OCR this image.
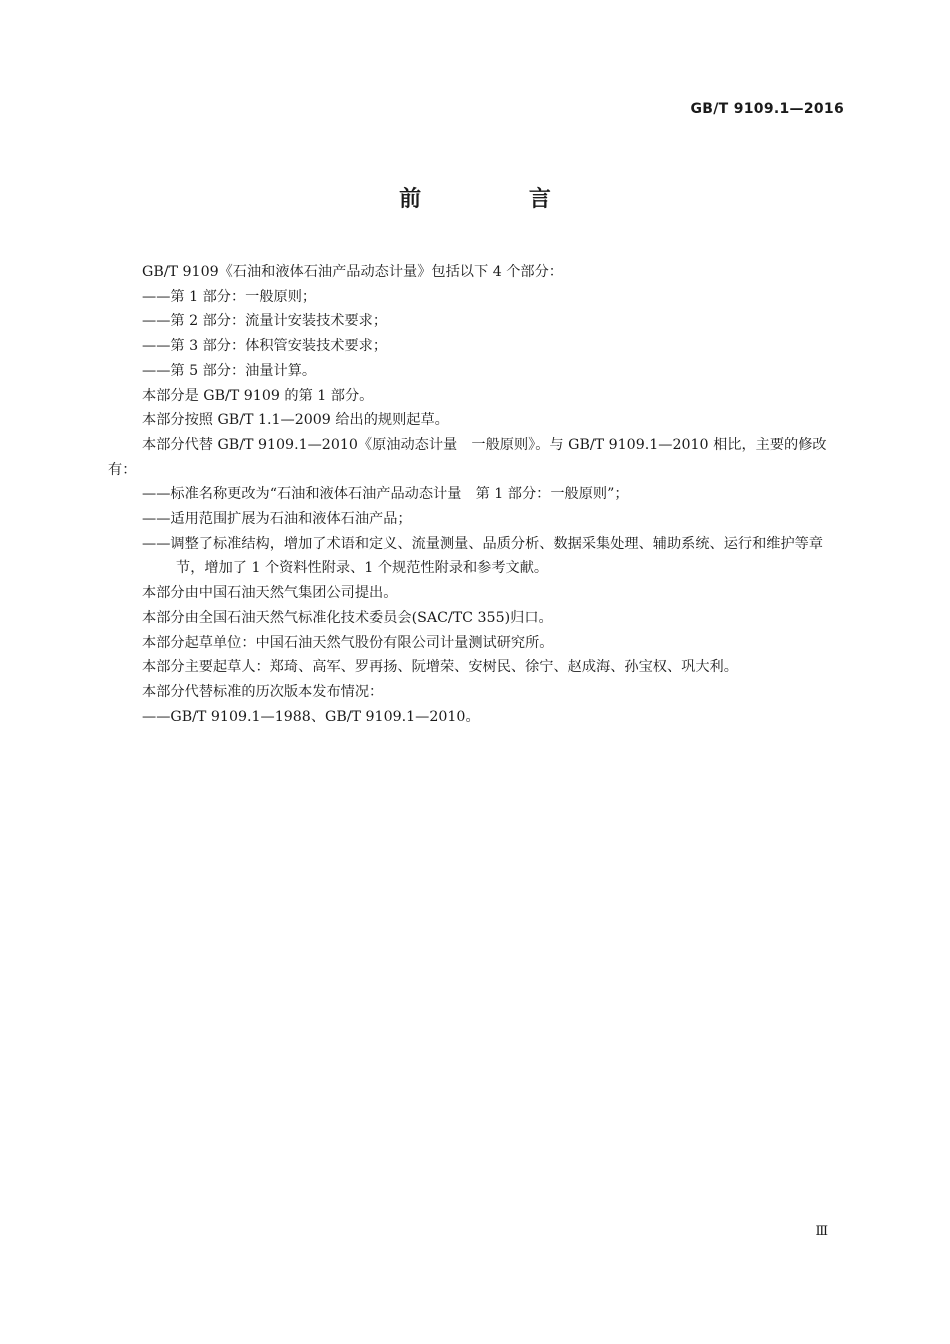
GB/T 9109.1—2016
前 言

GB/T 9109《石油和液体石油产品动态计量》包括以下 4 个部分：

——第 1 部分：一般原则；

——第 2 部分：流量计安装技术要求；

——第 3 部分：体积管安装技术要求；

——第 5 部分：油量计算。

本部分是 GB/T 9109 的第 1 部分。

本部分按照 GB/T 1.1—2009 给出的规则起草。

本部分代替 GB/T 9109.1—2010《原油动态计量　一般原则》。与 GB/T 9109.1—2010 相比，主要的修改有：

——标准名称更改为“石油和液体石油产品动态计量　第 1 部分：一般原则”；

——适用范围扩展为石油和液体石油产品；

——调整了标准结构，增加了术语和定义、流量测量、品质分析、数据采集处理、辅助系统、运行和维护等章节，增加了 1 个资料性附录、1 个规范性附录和参考文献。

本部分由中国石油天然气集团公司提出。

本部分由全国石油天然气标准化技术委员会(SAC/TC 355)归口。

本部分起草单位：中国石油天然气股份有限公司计量测试研究所。

本部分主要起草人：郑琦、高军、罗再扬、阮增荣、安树民、徐宁、赵成海、孙宝权、巩大利。

本部分代替标准的历次版本发布情况：

——GB/T 9109.1—1988、GB/T 9109.1—2010。

Ⅲ
